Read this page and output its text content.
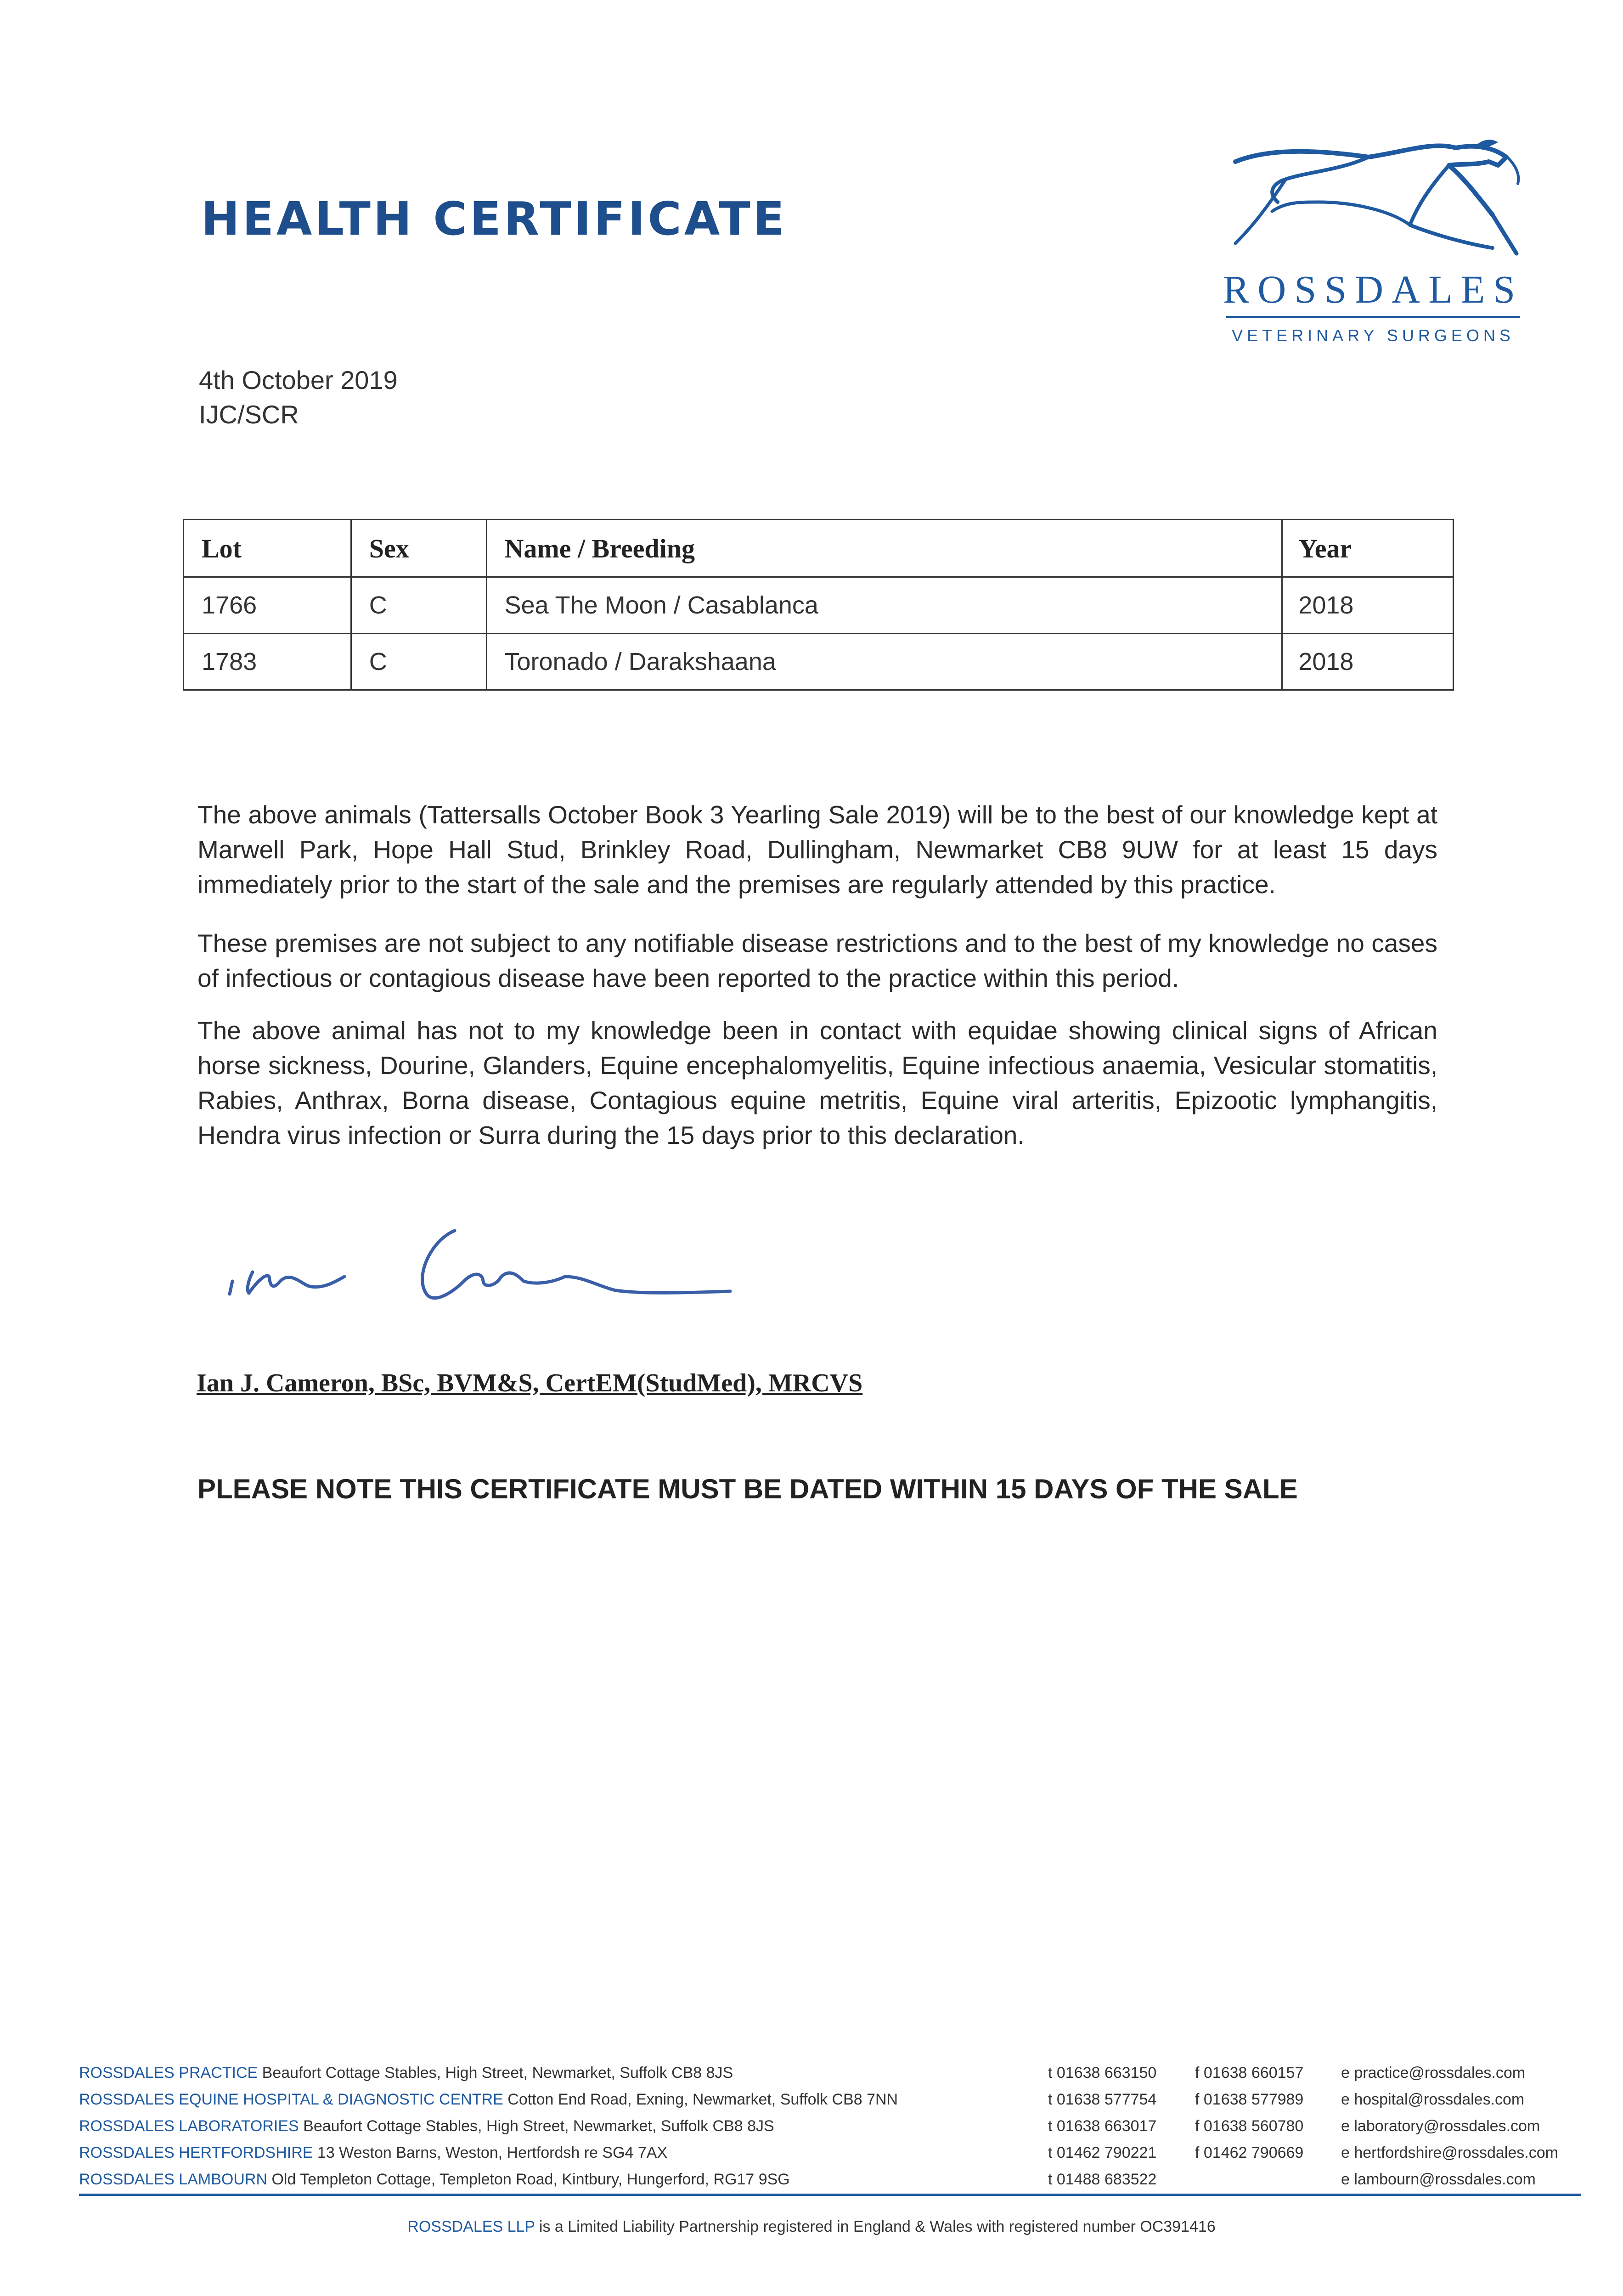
HEALTH CERTIFICATE
ROSSDALES
VETERINARY SURGEONS
4th October 2019
IJC/SCR
Lot	Sex	Name / Breeding	Year
1766	C	Sea The Moon / Casablanca	2018
1783	C	Toronado / Darakshaana	2018

The above animals (Tattersalls October Book 3 Yearling Sale 2019) will be to the best of our knowledge kept at Marwell Park, Hope Hall Stud, Brinkley Road, Dullingham, Newmarket CB8 9UW for at least 15 days immediately prior to the start of the sale and the premises are regularly attended by this practice.

These premises are not subject to any notifiable disease restrictions and to the best of my knowledge no cases of infectious or contagious disease have been reported to the practice within this period.

The above animal has not to my knowledge been in contact with equidae showing clinical signs of African horse sickness, Dourine, Glanders, Equine encephalomyelitis, Equine infectious anaemia, Vesicular stomatitis, Rabies, Anthrax, Borna disease, Contagious equine metritis, Equine viral arteritis, Epizootic lymphangitis, Hendra virus infection or Surra during the 15 days prior to this declaration.

Ian J. Cameron, BSc, BVM&S, CertEM(StudMed), MRCVS

PLEASE NOTE THIS CERTIFICATE MUST BE DATED WITHIN 15 DAYS OF THE SALE

ROSSDALES PRACTICE Beaufort Cottage Stables, High Street, Newmarket, Suffolk CB8 8JS	t 01638 663150 f 01638 660157 e practice@rossdales.com
ROSSDALES EQUINE HOSPITAL & DIAGNOSTIC CENTRE Cotton End Road, Exning, Newmarket, Suffolk CB8 7NN	t 01638 577754 f 01638 577989 e hospital@rossdales.com
ROSSDALES LABORATORIES Beaufort Cottage Stables, High Street, Newmarket, Suffolk CB8 8JS	t 01638 663017 f 01638 560780 e laboratory@rossdales.com
ROSSDALES HERTFORDSHIRE 13 Weston Barns, Weston, Hertfordsh re SG4 7AX	t 01462 790221 f 01462 790669 e hertfordshire@rossdales.com
ROSSDALES LAMBOURN Old Templeton Cottage, Templeton Road, Kintbury, Hungerford, RG17 9SG	t 01488 683522	e lambourn@rossdales.com
ROSSDALES LLP is a Limited Liability Partnership registered in England & Wales with registered number OC391416
